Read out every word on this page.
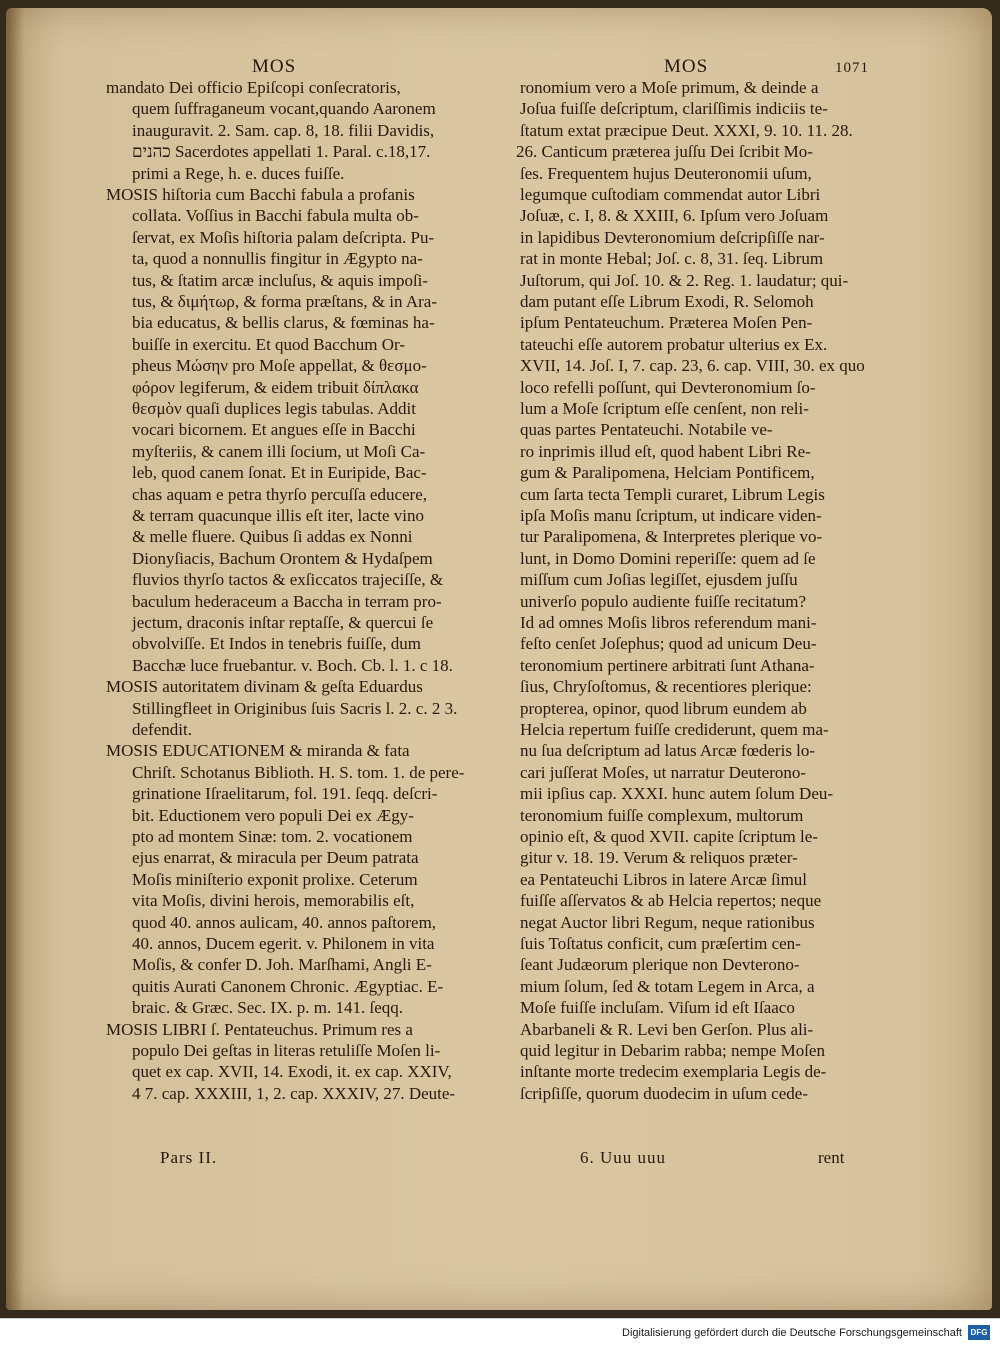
MOS	MOS	1071
mandato Dei officio Epiſcopi conſecratoris,
quem ſuffraganeum vocant,quando Aaronem
inauguravit. 2. Sam. cap. 8, 18. filii Davidis,
כהנים Sacerdotes appellati 1. Paral. c.18,17.
primi a Rege, h. e. duces fuiſſe.
MOSIS hiſtoria cum Bacchi fabula a profanis
collata. Voſſius in Bacchi fabula multa ob-
ſervat, ex Moſis hiſtoria palam deſcripta. Pu-
ta, quod a nonnullis fingitur in Ægypto na-
tus, & ſtatim arcæ incluſus, & aquis impoſi-
tus, & διμήτωρ, & forma præſtans, & in Ara-
bia educatus, & bellis clarus, & fœminas ha-
buiſſe in exercitu. Et quod Bacchum Or-
pheus Μώσην pro Moſe appellat, & θεσμο-
φόρον legiferum, & eidem tribuit δίπλακα
θεσμὸν quaſi duplices legis tabulas. Addit
vocari bicornem. Et angues eſſe in Bacchi
myſteriis, & canem illi ſocium, ut Moſi Ca-
leb, quod canem ſonat. Et in Euripide, Bac-
chas aquam e petra thyrſo percuſſa educere,
& terram quacunque illis eſt iter, lacte vino
& melle fluere. Quibus ſi addas ex Nonni
Dionyſiacis, Bachum Orontem & Hydaſpem
fluvios thyrſo tactos & exſiccatos trajeciſſe, &
baculum hederaceum a Baccha in terram pro-
jectum, draconis inſtar reptaſſe, & quercui ſe
obvolviſſe. Et Indos in tenebris fuiſſe, dum
Bacchæ luce fruebantur. v. Boch. Cb. l. 1. c 18.
MOSIS autoritatem divinam & geſta Eduardus
Stillingfleet in Originibus ſuis Sacris l. 2. c. 2 3.
defendit.
MOSIS EDUCATIONEM & miranda & fata
Chriſt. Schotanus Biblioth. H. S. tom. 1. de pere-
grinatione Iſraelitarum, fol. 191. ſeqq. deſcri-
bit. Eductionem vero populi Dei ex Ægy-
pto ad montem Sinæ: tom. 2. vocationem
ejus enarrat, & miracula per Deum patrata
Moſis miniſterio exponit prolixe. Ceterum
vita Moſis, divini herois, memorabilis eſt,
quod 40. annos aulicam, 40. annos paſtorem,
40. annos, Ducem egerit. v. Philonem in vita
Moſis, & confer D. Joh. Marſhami, Angli E-
quitis Aurati Canonem Chronic. Ægyptiac. E-
braic. & Græc. Sec. IX. p. m. 141. ſeqq.
MOSIS LIBRI ſ. Pentateuchus. Primum res a
populo Dei geſtas in literas retuliſſe Moſen li-
quet ex cap. XVII, 14. Exodi, it. ex cap. XXIV,
4 7. cap. XXXIII, 1, 2. cap. XXXIV, 27. Deute-
ronomium vero a Moſe primum, & deinde a
Joſua fuiſſe deſcriptum, clariſſimis indiciis te-
ſtatum extat præcipue Deut. XXXI, 9. 10. 11. 28.
26. Canticum præterea juſſu Dei ſcribit Mo-
ſes. Frequentem hujus Deuteronomii uſum,
legumque cuſtodiam commendat autor Libri
Joſuæ, c. I, 8. & XXIII, 6. Ipſum vero Joſuam
in lapidibus Devteronomium deſcripſiſſe nar-
rat in monte Hebal; Joſ. c. 8, 31. ſeq. Librum
Juſtorum, qui Joſ. 10. & 2. Reg. 1. laudatur; qui-
dam putant eſſe Librum Exodi, R. Selomoh
ipſum Pentateuchum. Præterea Moſen Pen-
tateuchi eſſe autorem probatur ulterius ex Ex.
XVII, 14. Joſ. I, 7. cap. 23, 6. cap. VIII, 30. ex quo
loco refelli poſſunt, qui Devteronomium ſo-
lum a Moſe ſcriptum eſſe cenſent, non reli-
quas partes Pentateuchi. Notabile ve-
ro inprimis illud eſt, quod habent Libri Re-
gum & Paralipomena, Helciam Pontificem,
cum ſarta tecta Templi curaret, Librum Legis
ipſa Moſis manu ſcriptum, ut indicare viden-
tur Paralipomena, & Interpretes plerique vo-
lunt, in Domo Domini reperiſſe: quem ad ſe
miſſum cum Joſias legiſſet, ejusdem juſſu
univerſo populo audiente fuiſſe recitatum?
Id ad omnes Moſis libros referendum mani-
feſto cenſet Joſephus; quod ad unicum Deu-
teronomium pertinere arbitrati ſunt Athana-
ſius, Chryſoſtomus, & recentiores plerique:
propterea, opinor, quod librum eundem ab
Helcia repertum fuiſſe crediderunt, quem ma-
nu ſua deſcriptum ad latus Arcæ fœderis lo-
cari juſſerat Moſes, ut narratur Deuterono-
mii ipſius cap. XXXI. hunc autem ſolum Deu-
teronomium fuiſſe complexum, multorum
opinio eſt, & quod XVII. capite ſcriptum le-
gitur v. 18. 19. Verum & reliquos præter-
ea Pentateuchi Libros in latere Arcæ ſimul
fuiſſe aſſervatos & ab Helcia repertos; neque
negat Auctor libri Regum, neque rationibus
ſuis Toſtatus conficit, cum præſertim cen-
ſeant Judæorum plerique non Devterono-
mium ſolum, ſed & totam Legem in Arca, a
Moſe fuiſſe incluſam. Viſum id eſt Iſaaco
Abarbaneli & R. Levi ben Gerſon. Plus ali-
quid legitur in Debarim rabba; nempe Moſen
inſtante morte tredecim exemplaria Legis de-
ſcripſiſſe, quorum duodecim in uſum cede-
Pars II.	6. Uuu uuu	rent
Digitalisierung gefördert durch die Deutsche Forschungsgemeinschaft	DFG
